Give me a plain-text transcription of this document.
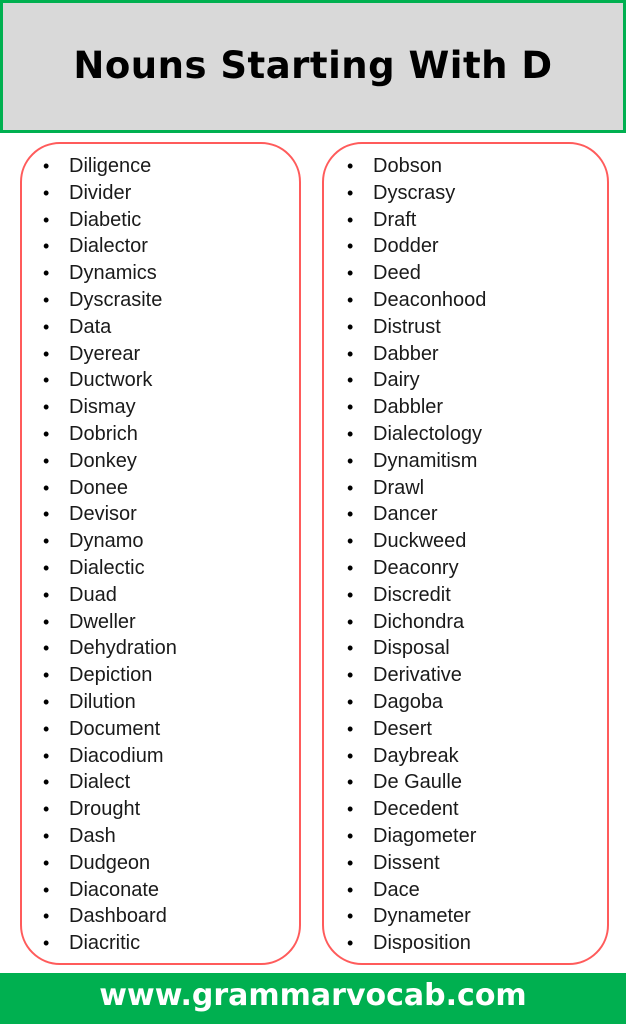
Nouns Starting With D
• Diligence
• Divider
• Diabetic
• Dialector
• Dynamics
• Dyscrasite
• Data
• Dyerear
• Ductwork
• Dismay
• Dobrich
• Donkey
• Donee
• Devisor
• Dynamo
• Dialectic
• Duad
• Dweller
• Dehydration
• Depiction
• Dilution
• Document
• Diacodium
• Dialect
• Drought
• Dash
• Dudgeon
• Diaconate
• Dashboard
• Diacritic
• Dobson
• Dyscrasy
• Draft
• Dodder
• Deed
• Deaconhood
• Distrust
• Dabber
• Dairy
• Dabbler
• Dialectology
• Dynamitism
• Drawl
• Dancer
• Duckweed
• Deaconry
• Discredit
• Dichondra
• Disposal
• Derivative
• Dagoba
• Desert
• Daybreak
• De Gaulle
• Decedent
• Diagometer
• Dissent
• Dace
• Dynameter
• Disposition
www.grammarvocab.com
